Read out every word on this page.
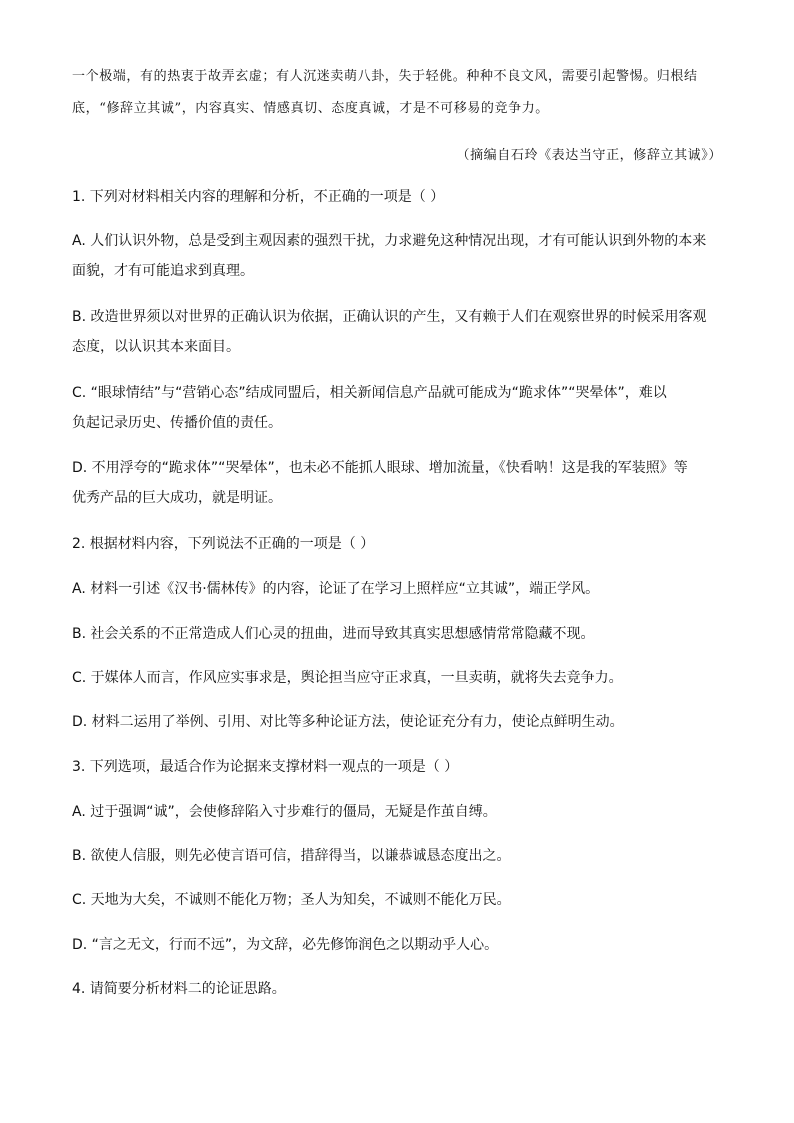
一个极端，有的热衷于故弄玄虚；有人沉迷卖萌八卦，失于轻佻。种种不良文风，需要引起警惕。归根结
底，“修辞立其诚”，内容真实、情感真切、态度真诚，才是不可移易的竞争力。
（摘编自石玲《表达当守正，修辞立其诚》）
1. 下列对材料相关内容的理解和分析，不正确的一项是（ ）
A. 人们认识外物，总是受到主观因素的强烈干扰，力求避免这种情况出现，才有可能认识到外物的本来
面貌，才有可能追求到真理。
B. 改造世界须以对世界的正确认识为依据，正确认识的产生，又有赖于人们在观察世界的时候采用客观
态度，以认识其本来面目。
C. “眼球情结”与“营销心态”结成同盟后，相关新闻信息产品就可能成为“跪求体”“哭晕体”，难以
负起记录历史、传播价值的责任。
D. 不用浮夸的“跪求体”“哭晕体”，也未必不能抓人眼球、增加流量，《快看呐！这是我的军装照》等
优秀产品的巨大成功，就是明证。
2. 根据材料内容，下列说法不正确的一项是（ ）
A. 材料一引述《汉书·儒林传》的内容，论证了在学习上照样应“立其诚”，端正学风。
B. 社会关系的不正常造成人们心灵的扭曲，进而导致其真实思想感情常常隐藏不现。
C. 于媒体人而言，作风应实事求是，舆论担当应守正求真，一旦卖萌，就将失去竞争力。
D. 材料二运用了举例、引用、对比等多种论证方法，使论证充分有力，使论点鲜明生动。
3. 下列选项，最适合作为论据来支撑材料一观点的一项是（ ）
A. 过于强调“诚”，会使修辞陷入寸步难行的僵局，无疑是作茧自缚。
B. 欲使人信服，则先必使言语可信，措辞得当，以谦恭诚恳态度出之。
C. 天地为大矣，不诚则不能化万物；圣人为知矣，不诚则不能化万民。
D. “言之无文，行而不远”，为文辞，必先修饰润色之以期动乎人心。
4. 请简要分析材料二的论证思路。
